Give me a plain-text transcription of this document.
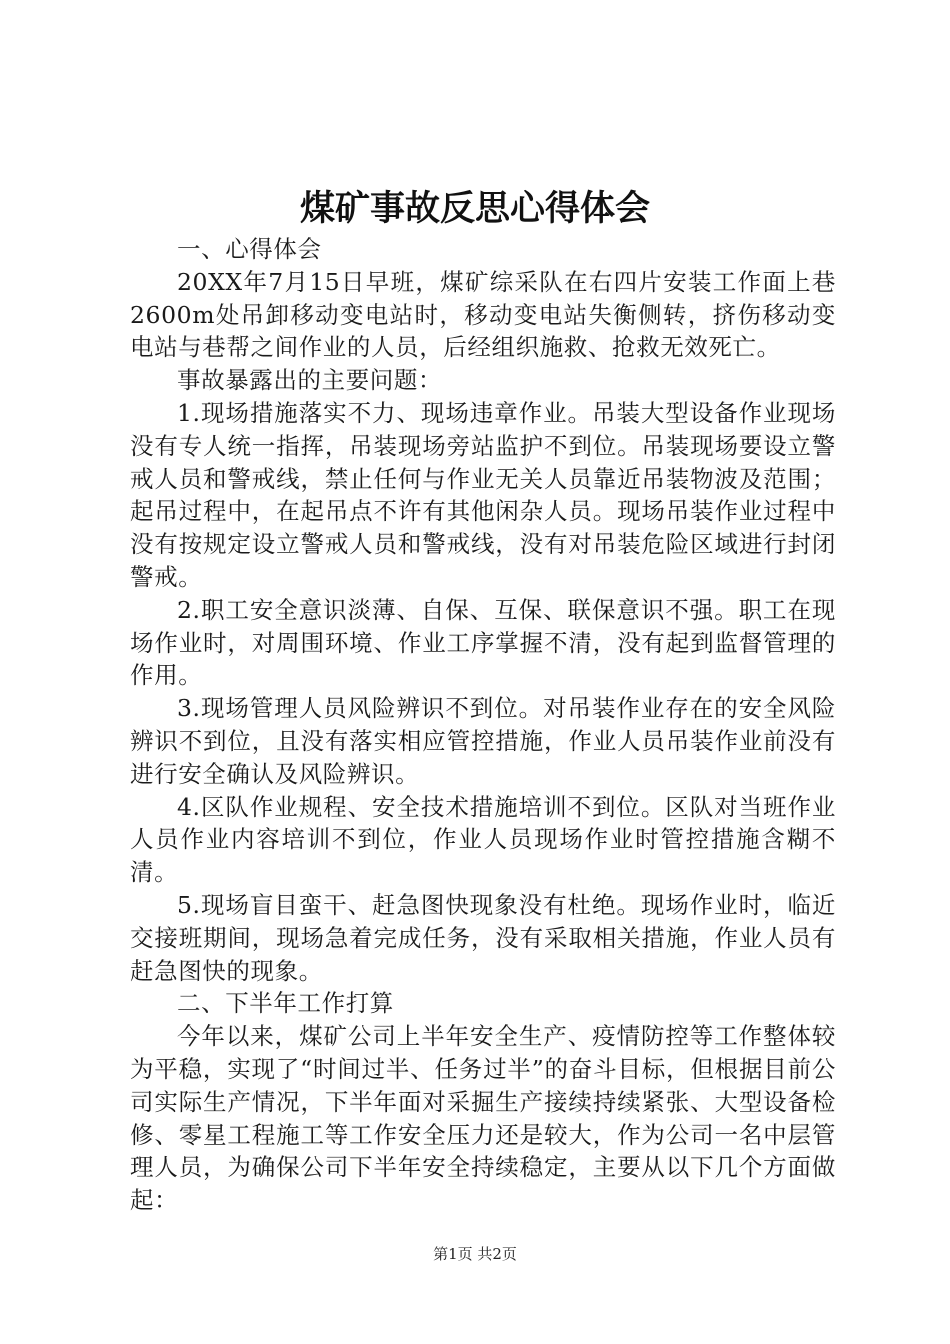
煤矿事故反思心得体会

一、心得体会

20XX年7月15日早班，煤矿综采队在右四片安装工作面上巷2600m处吊卸移动变电站时，移动变电站失衡侧转，挤伤移动变电站与巷帮之间作业的人员，后经组织施救、抢救无效死亡。

事故暴露出的主要问题：

1.现场措施落实不力、现场违章作业。吊装大型设备作业现场没有专人统一指挥，吊装现场旁站监护不到位。吊装现场要设立警戒人员和警戒线，禁止任何与作业无关人员靠近吊装物波及范围；起吊过程中，在起吊点不许有其他闲杂人员。现场吊装作业过程中没有按规定设立警戒人员和警戒线，没有对吊装危险区域进行封闭警戒。

2.职工安全意识淡薄、自保、互保、联保意识不强。职工在现场作业时，对周围环境、作业工序掌握不清，没有起到监督管理的作用。

3.现场管理人员风险辨识不到位。对吊装作业存在的安全风险辨识不到位，且没有落实相应管控措施，作业人员吊装作业前没有进行安全确认及风险辨识。

4.区队作业规程、安全技术措施培训不到位。区队对当班作业人员作业内容培训不到位，作业人员现场作业时管控措施含糊不清。

5.现场盲目蛮干、赶急图快现象没有杜绝。现场作业时，临近交接班期间，现场急着完成任务，没有采取相关措施，作业人员有赶急图快的现象。

二、下半年工作打算

今年以来，煤矿公司上半年安全生产、疫情防控等工作整体较为平稳，实现了“时间过半、任务过半”的奋斗目标，但根据目前公司实际生产情况，下半年面对采掘生产接续持续紧张、大型设备检修、零星工程施工等工作安全压力还是较大，作为公司一名中层管理人员，为确保公司下半年安全持续稳定，主要从以下几个方面做起：

第1页 共2页
